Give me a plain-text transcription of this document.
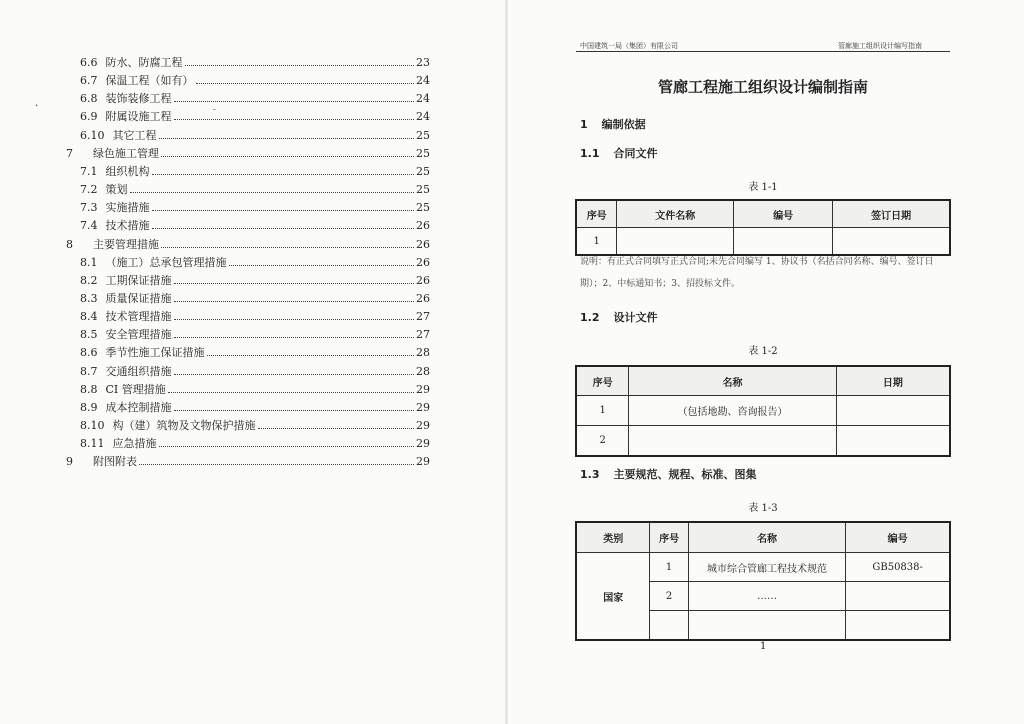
6.6 防水、防腐工程	23
6.7 保温工程（如有）	24
6.8 装饰装修工程	24
6.9 附属设施工程	24
6.10 其它工程	25
7 绿色施工管理	25
7.1 组织机构	25
7.2 策划	25
7.3 实施措施	25
7.4 技术措施	26
8 主要管理措施	26
8.1 （施工）总承包管理措施	26
8.2 工期保证措施	26
8.3 质量保证措施	26
8.4 技术管理措施	27
8.5 安全管理措施	27
8.6 季节性施工保证措施	28
8.7 交通组织措施	28
8.8 CI 管理措施	29
8.9 成本控制措施	29
8.10 构（建）筑物及文物保护措施	29
8.11 应急措施	29
9 附图附表	29
˛
ˉ
中国建筑一局（集团）有限公司	管廊施工组织设计编写指南
管廊工程施工组织设计编制指南
1 编制依据
1.1 合同文件
表 1-1
序号	文件名称	编号	签订日期
1			
说明：有正式合同填写正式合同;未先合同编写 1、协议书（名括合同名称、编号、签订日期）；2、中标通知书；3、招投标文件。
1.2 设计文件
表 1-2
序号	名称	日期
1	（包括地勘、咨询报告）	
2		
1.3 主要规范、规程、标准、图集
表 1-3
类别	序号	名称	编号
国家	1	城市综合管廊工程技术规范	GB50838-
	2	……	

1
